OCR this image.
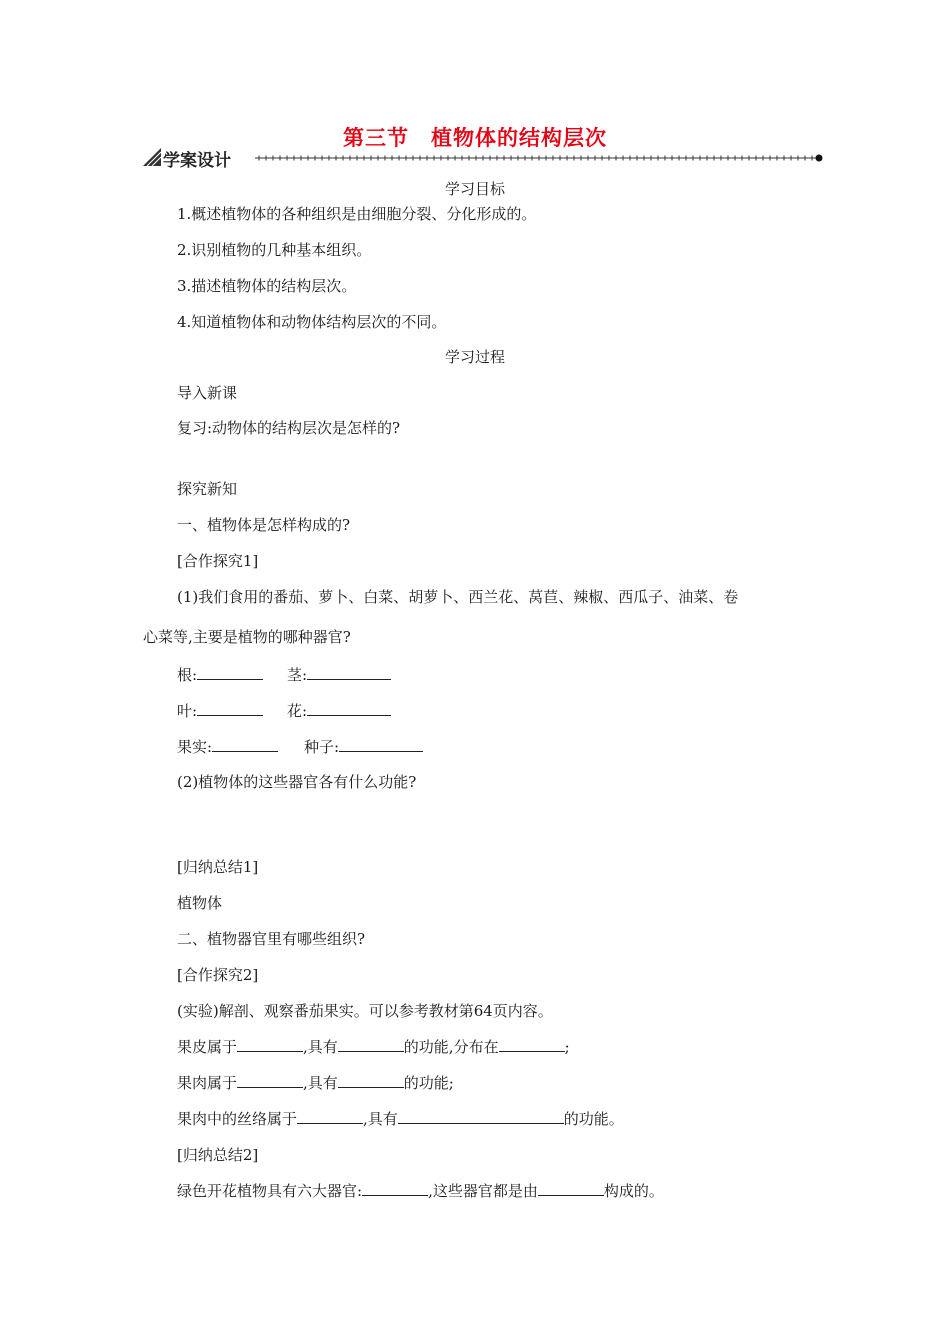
第三节　植物体的结构层次
学案设计
学习目标
1.概述植物体的各种组织是由细胞分裂、分化形成的。
2.识别植物的几种基本组织。
3.描述植物体的结构层次。
4.知道植物体和动物体结构层次的不同。
学习过程
导入新课
复习:动物体的结构层次是怎样的?
探究新知
一、植物体是怎样构成的?
[合作探究1]
(1)我们食用的番茄、萝卜、白菜、胡萝卜、西兰花、莴苣、辣椒、西瓜子、油菜、卷
心菜等,主要是植物的哪种器官?
根:	茎:
叶:	花:
果实:	种子:
(2)植物体的这些器官各有什么功能?
[归纳总结1]
植物体
二、植物器官里有哪些组织?
[合作探究2]
(实验)解剖、观察番茄果实。可以参考教材第64页内容。
果皮属于	,具有	的功能,分布在	;
果肉属于	,具有	的功能;
果肉中的丝络属于	,具有	的功能。
[归纳总结2]
绿色开花植物具有六大器官:	,这些器官都是由	构成的。
